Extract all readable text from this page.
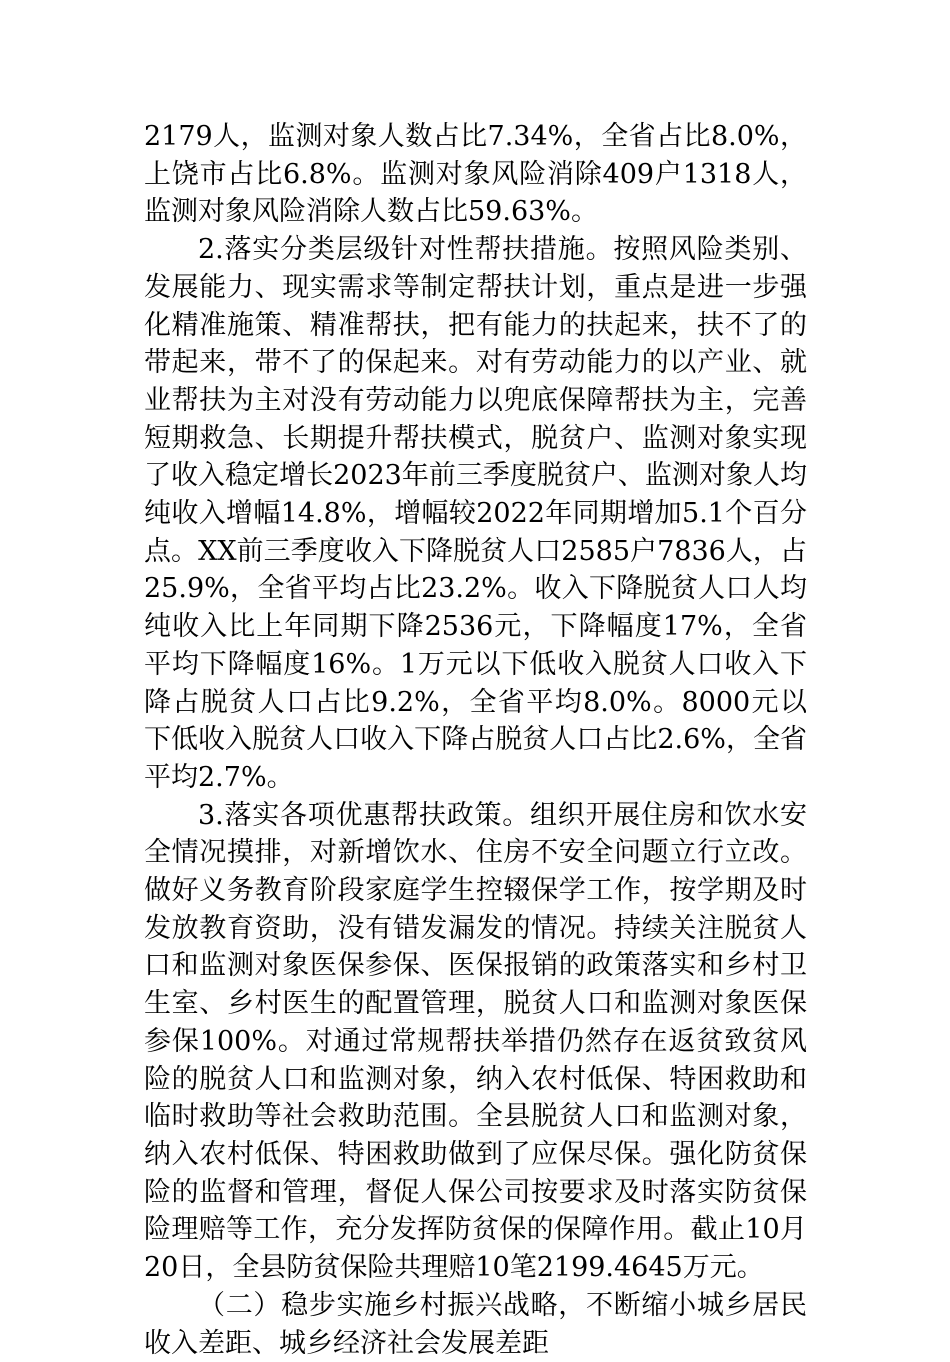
2179人，监测对象人数占比7.34%，全省占比8.0%，上饶市占比6.8%。监测对象风险消除409户1318人，监测对象风险消除人数占比59.63%。

2.落实分类层级针对性帮扶措施。按照风险类别、发展能力、现实需求等制定帮扶计划，重点是进一步强化精准施策、精准帮扶，把有能力的扶起来，扶不了的带起来，带不了的保起来。对有劳动能力的以产业、就业帮扶为主对没有劳动能力以兜底保障帮扶为主，完善短期救急、长期提升帮扶模式，脱贫户、监测对象实现了收入稳定增长2023年前三季度脱贫户、监测对象人均纯收入增幅14.8%，增幅较2022年同期增加5.1个百分点。XX前三季度收入下降脱贫人口2585户7836人，占25.9%，全省平均占比23.2%。收入下降脱贫人口人均纯收入比上年同期下降2536元，下降幅度17%，全省平均下降幅度16%。1万元以下低收入脱贫人口收入下降占脱贫人口占比9.2%，全省平均8.0%。8000元以下低收入脱贫人口收入下降占脱贫人口占比2.6%，全省平均2.7%。

3.落实各项优惠帮扶政策。组织开展住房和饮水安全情况摸排，对新增饮水、住房不安全问题立行立改。做好义务教育阶段家庭学生控辍保学工作，按学期及时发放教育资助，没有错发漏发的情况。持续关注脱贫人口和监测对象医保参保、医保报销的政策落实和乡村卫生室、乡村医生的配置管理，脱贫人口和监测对象医保参保100%。对通过常规帮扶举措仍然存在返贫致贫风险的脱贫人口和监测对象，纳入农村低保、特困救助和临时救助等社会救助范围。全县脱贫人口和监测对象，纳入农村低保、特困救助做到了应保尽保。强化防贫保险的监督和管理，督促人保公司按要求及时落实防贫保险理赔等工作，充分发挥防贫保的保障作用。截止10月20日，全县防贫保险共理赔10笔2199.4645万元。

（二）稳步实施乡村振兴战略，不断缩小城乡居民收入差距、城乡经济社会发展差距
